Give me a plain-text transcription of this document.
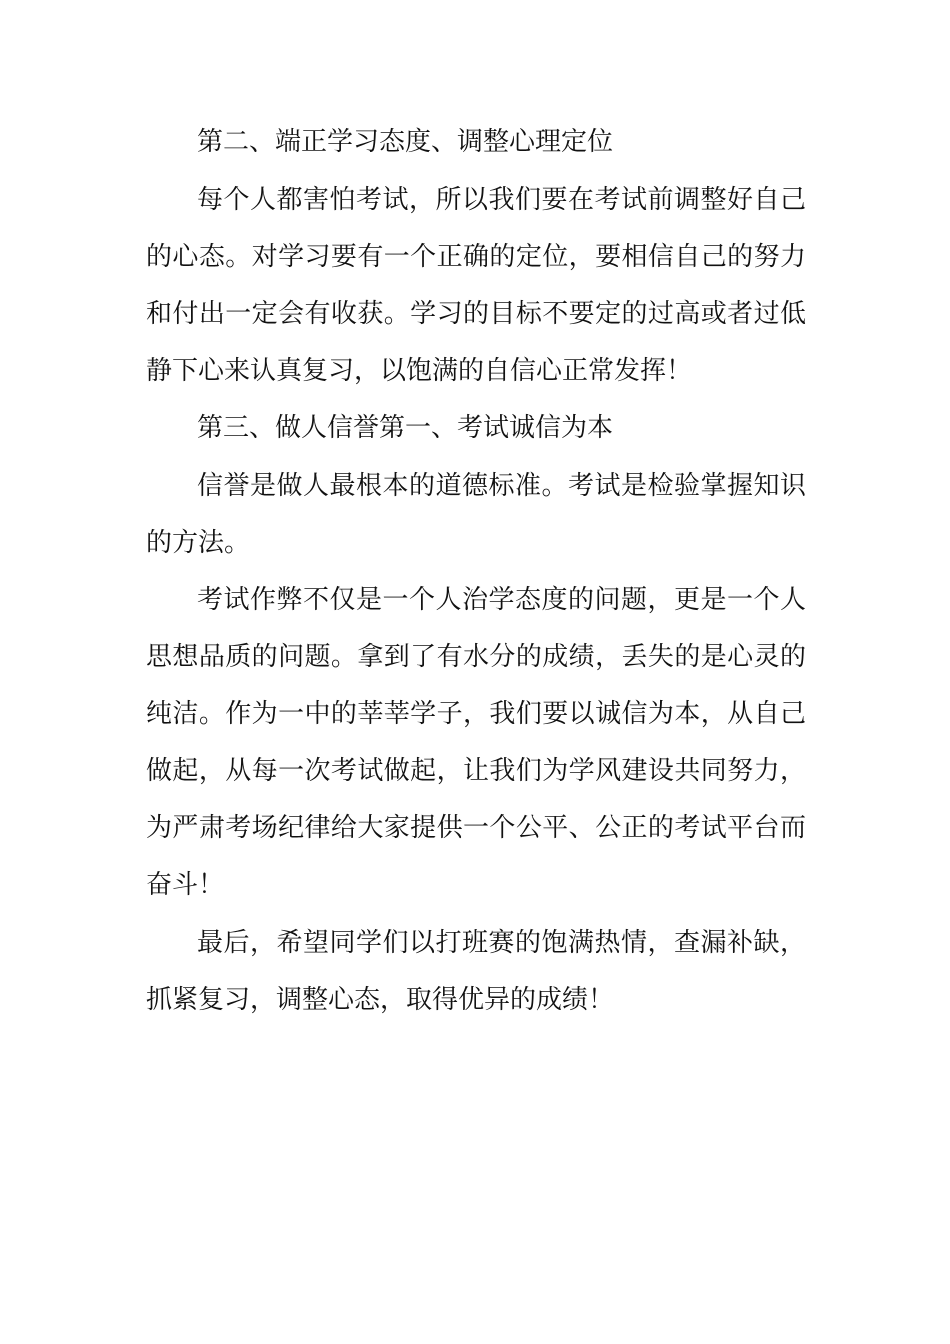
第二、端正学习态度、调整心理定位
每个人都害怕考试，所以我们要在考试前调整好自己
的心态。对学习要有一个正确的定位，要相信自己的努力
和付出一定会有收获。学习的目标不要定的过高或者过低
静下心来认真复习，以饱满的自信心正常发挥！
第三、做人信誉第一、考试诚信为本
信誉是做人最根本的道德标准。考试是检验掌握知识
的方法。
考试作弊不仅是一个人治学态度的问题，更是一个人
思想品质的问题。拿到了有水分的成绩，丢失的是心灵的
纯洁。作为一中的莘莘学子，我们要以诚信为本，从自己
做起，从每一次考试做起，让我们为学风建设共同努力，
为严肃考场纪律给大家提供一个公平、公正的考试平台而
奋斗！
最后，希望同学们以打班赛的饱满热情，查漏补缺，
抓紧复习，调整心态，取得优异的成绩！
